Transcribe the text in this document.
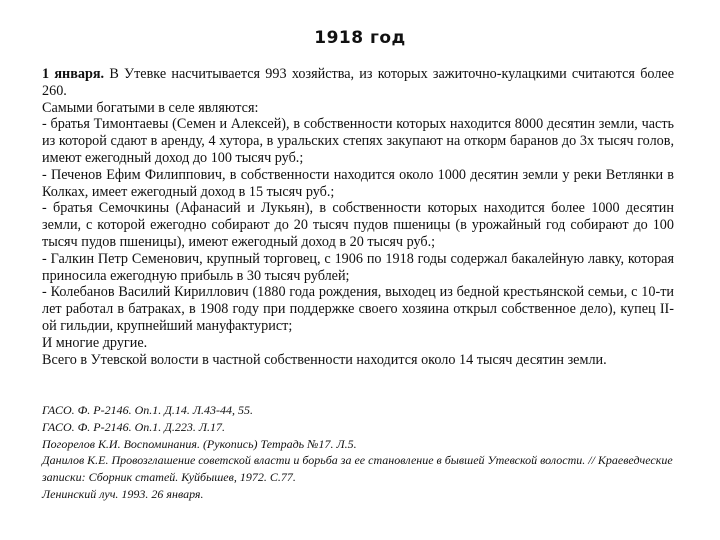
1918 год

1 января. В Утевке насчитывается 993 хозяйства, из которых зажиточно-кулацкими считаются более 260.

Самыми богатыми в селе являются:

- братья Тимонтаевы (Семен и Алексей), в собственности которых находится 8000 десятин земли, часть из которой сдают в аренду, 4 хутора, в уральских степях закупают на откорм баранов до 3х тысяч голов, имеют ежегодный доход до 100 тысяч руб.;

- Печенов Ефим Филиппович, в собственности находится около 1000 десятин земли у реки Ветлянки в Колках, имеет ежегодный доход в 15 тысяч руб.;

- братья Семочкины (Афанасий и Лукьян), в собственности которых находится более 1000 десятин земли, с которой ежегодно собирают до 20 тысяч пудов пшеницы (в урожайный год собирают до 100 тысяч пудов пшеницы), имеют ежегодный доход в 20 тысяч руб.;

- Галкин Петр Семенович, крупный торговец, с 1906 по 1918 годы содержал бакалейную лавку, которая приносила ежегодную прибыль в 30 тысяч рублей;

- Колебанов Василий Кириллович (1880 года рождения, выходец из бедной крестьянской семьи, с 10-ти лет работал в батраках, в 1908 году при поддержке своего хозяина открыл собственное дело), купец II-ой гильдии, крупнейший мануфактурист;

И многие другие.

Всего в Утевской волости в частной собственности находится около 14 тысяч десятин земли.

ГАСО. Ф. Р-2146. Оп.1. Д.14. Л.43-44, 55.

ГАСО. Ф. Р-2146. Оп.1. Д.223. Л.17.

Погорелов К.И. Воспоминания. (Рукопись) Тетрадь №17. Л.5.

Данилов К.Е. Провозглашение советской власти и борьба за ее становление в бывшей Утевской волости. // Краеведческие записки: Сборник статей. Куйбышев, 1972. С.77.

Ленинский луч. 1993. 26 января.
